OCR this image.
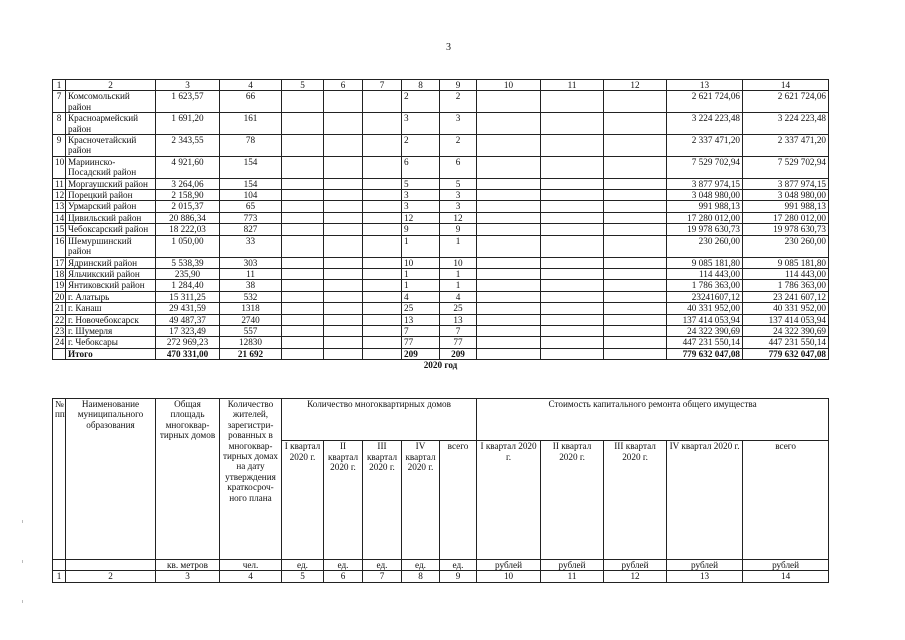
3
1	2	3	4	5	6	7	8	9	10	11	12	13	14
7	Комсомольский район	1 623,57	66				2	2				2 621 724,06	2 621 724,06
8	Красноармейский район	1 691,20	161				3	3				3 224 223,48	3 224 223,48
9	Красночетайский район	2 343,55	78				2	2				2 337 471,20	2 337 471,20
10	Мариинско-Посадский район	4 921,60	154				6	6				7 529 702,94	7 529 702,94
11	Моргаушский район	3 264,06	154				5	5				3 877 974,15	3 877 974,15
12	Порецкий район	2 158,90	104				3	3				3 048 980,00	3 048 980,00
13	Урмарский район	2 015,37	65				3	3				991 988,13	991 988,13
14	Цивильский район	20 886,34	773				12	12				17 280 012,00	17 280 012,00
15	Чебоксарский район	18 222,03	827				9	9				19 978 630,73	19 978 630,73
16	Шемуршинский район	1 050,00	33				1	1				230 260,00	230 260,00
17	Ядринский район	5 538,39	303				10	10				9 085 181,80	9 085 181,80
18	Яльчикский район	235,90	11				1	1				114 443,00	114 443,00
19	Янтиковский район	1 284,40	38				1	1				1 786 363,00	1 786 363,00
20	г. Алатырь	15 311,25	532				4	4				23241607,12	23 241 607,12
21	г. Канаш	29 431,59	1318				25	25				40 331 952,00	40 331 952,00
22	г. Новочебоксарск	49 487,37	2740				13	13				137 414 053,94	137 414 053,94
23	г. Шумерля	17 323,49	557				7	7				24 322 390,69	24 322 390,69
24	г. Чебоксары	272 969,23	12830				77	77				447 231 550,14	447 231 550,14
	Итого	470 331,00	21 692				209	209				779 632 047,08	779 632 047,08
2020 год													
№ пп	Наименование муниципального образования	Общая площадь многоквар-тирных домов	Количество жителей, зарегистри-рованных в многоквар-тирных домах на дату утверждения краткосроч-ного плана	Количество многоквартирных домов					Стоимость капитального ремонта общего имущества				
				I квартал 2020 г.	II квартал 2020 г.	III квартал 2020 г.	IV квартал 2020 г.	всего	I квартал 2020 г.	II квартал 2020 г.	III квартал 2020 г.	IV квартал 2020 г.	всего
		кв. метров	чел.	ед.	ед.	ед.	ед.	ед.	рублей	рублей	рублей	рублей	рублей
1	2	3	4	5	6	7	8	9	10	11	12	13	14
